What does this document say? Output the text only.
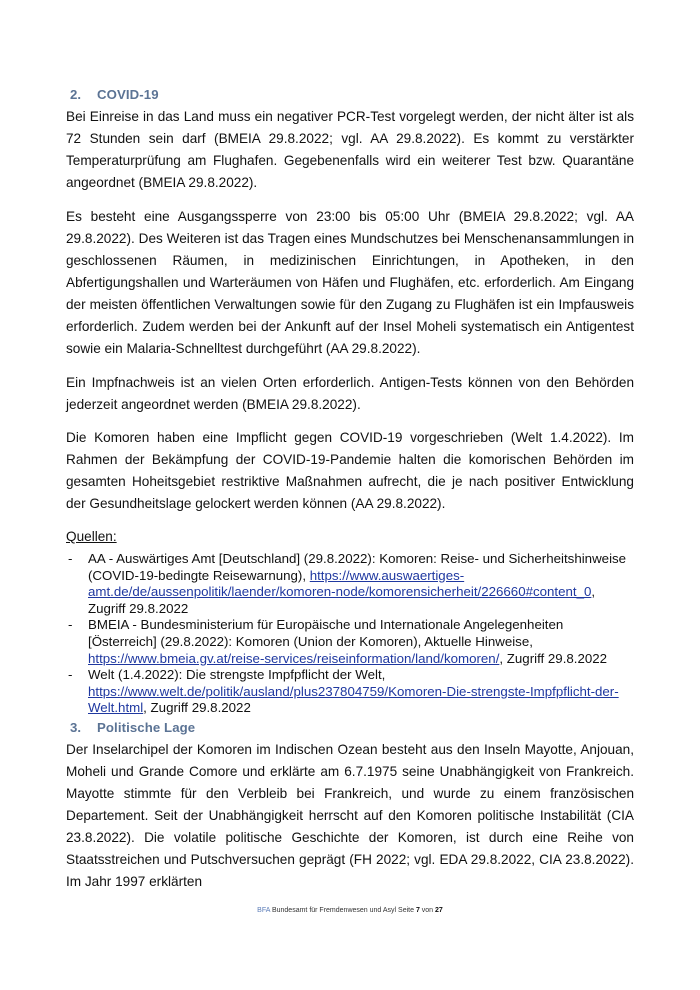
2. COVID-19

Bei Einreise in das Land muss ein negativer PCR-Test vorgelegt werden, der nicht älter ist als 72 Stunden sein darf (BMEIA 29.8.2022; vgl. AA 29.8.2022). Es kommt zu verstärkter Temperaturprüfung am Flughafen. Gegebenenfalls wird ein weiterer Test bzw. Quarantäne angeordnet (BMEIA 29.8.2022).

Es besteht eine Ausgangssperre von 23:00 bis 05:00 Uhr (BMEIA 29.8.2022; vgl. AA 29.8.2022). Des Weiteren ist das Tragen eines Mundschutzes bei Menschenansammlungen in geschlossenen Räumen, in medizinischen Einrichtungen, in Apotheken, in den Abfertigungshallen und Warteräumen von Häfen und Flughäfen, etc. erforderlich. Am Eingang der meisten öffentlichen Verwaltungen sowie für den Zugang zu Flughäfen ist ein Impfausweis erforderlich. Zudem werden bei der Ankunft auf der Insel Moheli systematisch ein Antigentest sowie ein Malaria-Schnelltest durchgeführt (AA 29.8.2022).

Ein Impfnachweis ist an vielen Orten erforderlich. Antigen-Tests können von den Behörden jederzeit angeordnet werden (BMEIA 29.8.2022).

Die Komoren haben eine Impflicht gegen COVID-19 vorgeschrieben (Welt 1.4.2022). Im Rahmen der Bekämpfung der COVID-19-Pandemie halten die komorischen Behörden im gesamten Hoheitsgebiet restriktive Maßnahmen aufrecht, die je nach positiver Entwicklung der Gesundheitslage gelockert werden können (AA 29.8.2022).

Quellen:
- AA - Auswärtiges Amt [Deutschland] (29.8.2022): Komoren: Reise- und Sicherheitshinweise (COVID-19-bedingte Reisewarnung), https://www.auswaertiges-amt.de/de/aussenpolitik/laender/komoren-node/komorensicherheit/226660#content_0, Zugriff 29.8.2022
- BMEIA - Bundesministerium für Europäische und Internationale Angelegenheiten [Österreich] (29.8.2022): Komoren (Union der Komoren), Aktuelle Hinweise, https://www.bmeia.gv.at/reise-services/reiseinformation/land/komoren/, Zugriff 29.8.2022
- Welt (1.4.2022): Die strengste Impfpflicht der Welt, https://www.welt.de/politik/ausland/plus237804759/Komoren-Die-strengste-Impfpflicht-der-Welt.html, Zugriff 29.8.2022
3. Politische Lage

Der Inselarchipel der Komoren im Indischen Ozean besteht aus den Inseln Mayotte, Anjouan, Moheli und Grande Comore und erklärte am 6.7.1975 seine Unabhängigkeit von Frankreich. Mayotte stimmte für den Verbleib bei Frankreich, und wurde zu einem französischen Departement. Seit der Unabhängigkeit herrscht auf den Komoren politische Instabilität (CIA 23.8.2022). Die volatile politische Geschichte der Komoren, ist durch eine Reihe von Staatsstreichen und Putschversuchen geprägt (FH 2022; vgl. EDA 29.8.2022, CIA 23.8.2022). Im Jahr 1997 erklärten

BFA Bundesamt für Fremdenwesen und Asyl Seite 7 von 27
